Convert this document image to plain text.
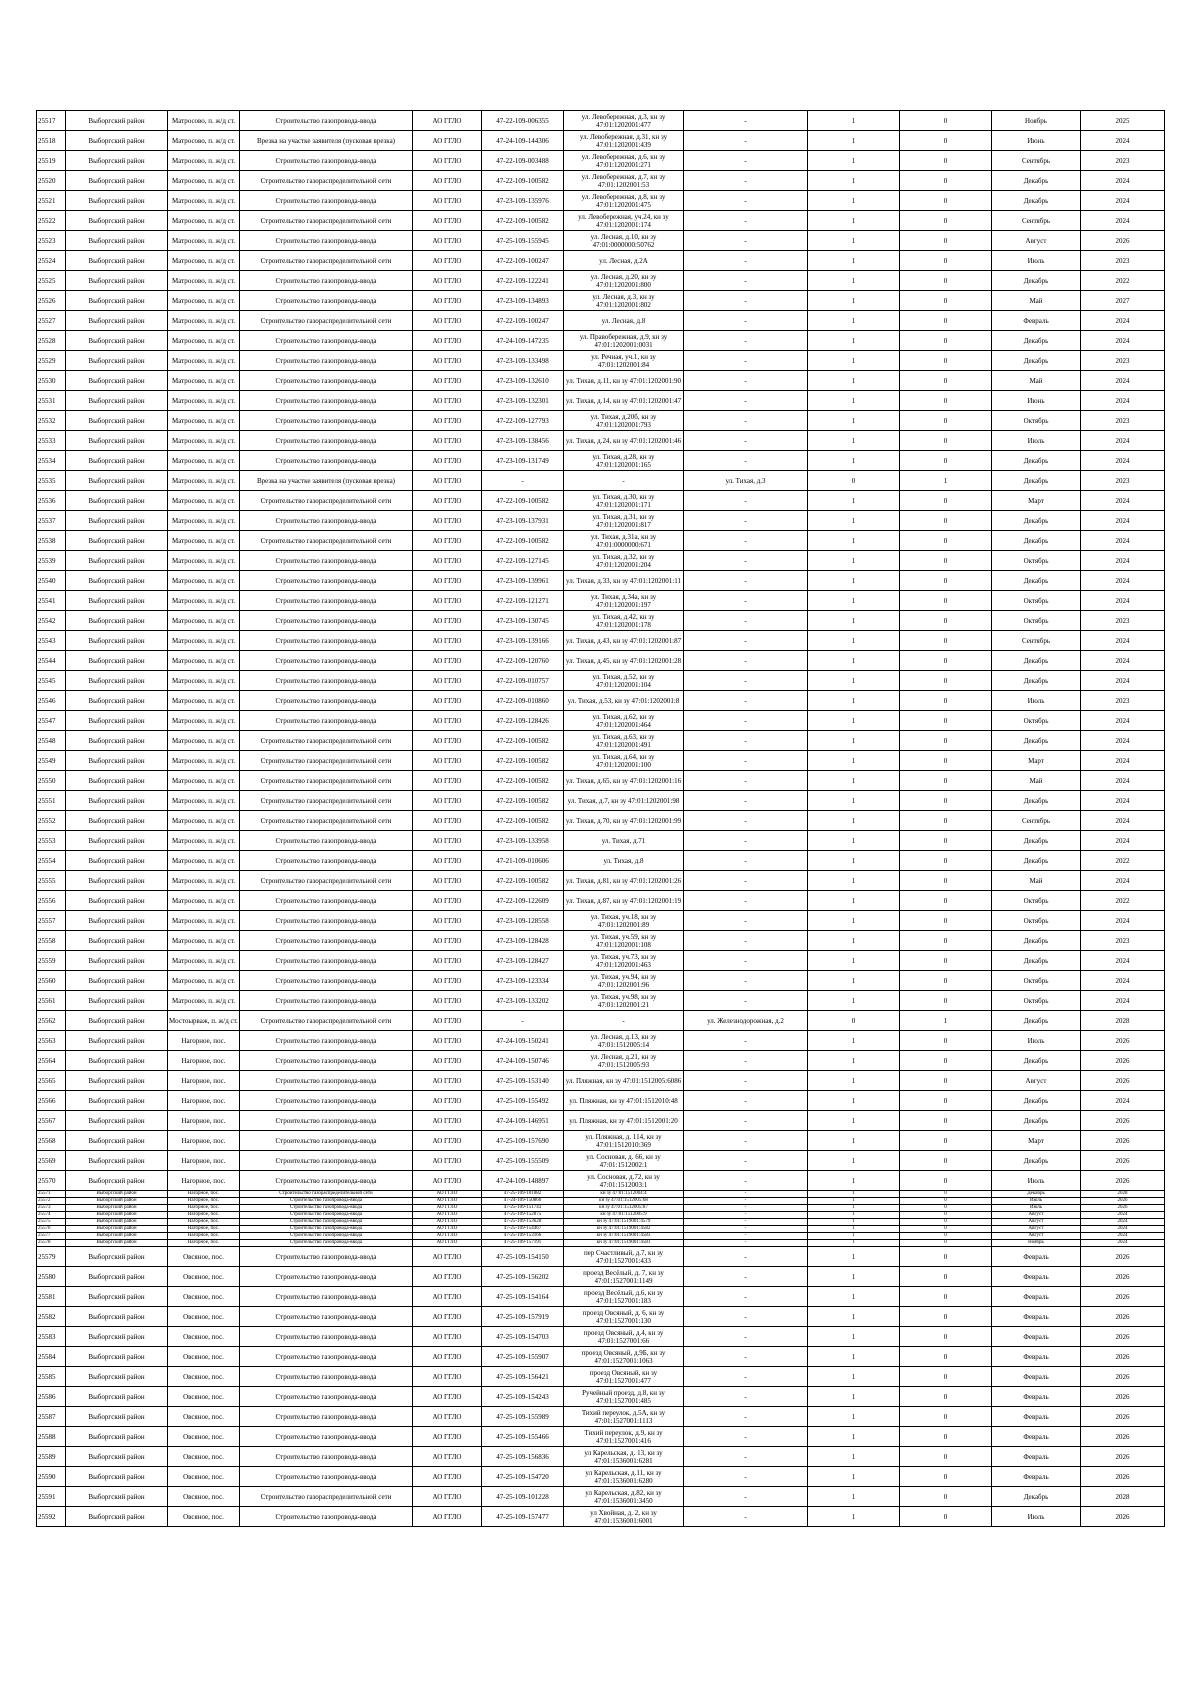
25517	Выборгский район	Матросово, п. ж/д ст.	Строительство газопровода-ввода	АО ГГЛО	47-22-109-006355	ул. Левобережная, д.3, кн зу 47:01:1202001:477	-	1	0	Ноябрь	2025
25518	Выборгский район	Матросово, п. ж/д ст.	Врезка на участке заявителя (пусковая врезка)	АО ГГЛО	47-24-109-144306	ул. Левобережная, д.31, кн зу 47:01:1202001:439	-	1	0	Июнь	2024
25519	Выборгский район	Матросово, п. ж/д ст.	Строительство газопровода-ввода	АО ГГЛО	47-22-109-003488	ул. Левобережная, д.6, кн зу 47:01:1202001:271	-	1	0	Сентябрь	2023
25520	Выборгский район	Матросово, п. ж/д ст.	Строительство газораспределительной сети	АО ГГЛО	47-22-109-100582	ул. Левобережная, д.7, кн зу 47:01:1202001:53	-	1	0	Декабрь	2024
25521	Выборгский район	Матросово, п. ж/д ст.	Строительство газопровода-ввода	АО ГГЛО	47-23-109-135976	ул. Левобережная, д.8, кн зу 47:01:1202001:475	-	1	0	Декабрь	2024
25522	Выборгский район	Матросово, п. ж/д ст.	Строительство газораспределительной сети	АО ГГЛО	47-22-109-100582	ул. Левобережная, уч.24, кн зу 47:01:1202001:174	-	1	0	Сентябрь	2024
25523	Выборгский район	Матросово, п. ж/д ст.	Строительство газопровода-ввода	АО ГГЛО	47-25-109-155945	ул. Лесная, д.10, кн зу 47:01:0000000:50762	-	1	0	Август	2026
25524	Выборгский район	Матросово, п. ж/д ст.	Строительство газораспределительной сети	АО ГГЛО	47-22-109-100247	ул. Лесная, д.2А	-	1	0	Июль	2023
25525	Выборгский район	Матросово, п. ж/д ст.	Строительство газопровода-ввода	АО ГГЛО	47-22-109-122241	ул. Лесная, д.20, кн зу 47:01:1202001:800	-	1	0	Декабрь	2022
25526	Выборгский район	Матросово, п. ж/д ст.	Строительство газопровода-ввода	АО ГГЛО	47-23-109-134893	ул. Лесная, д.3, кн зу 47:01:1202001:802	-	1	0	Май	2027
25527	Выборгский район	Матросово, п. ж/д ст.	Строительство газораспределительной сети	АО ГГЛО	47-22-109-100247	ул. Лесная, д.8	-	1	0	Февраль	2024
25528	Выборгский район	Матросово, п. ж/д ст.	Строительство газопровода-ввода	АО ГГЛО	47-24-109-147235	ул. Правобережная, д.9, кн зу 47:01:1202001:0031	-	1	0	Декабрь	2024
25529	Выборгский район	Матросово, п. ж/д ст.	Строительство газопровода-ввода	АО ГГЛО	47-23-109-133498	ул. Речная, уч.1, кн зу 47:01:1202001:84	-	1	0	Декабрь	2023
25530	Выборгский район	Матросово, п. ж/д ст.	Строительство газопровода-ввода	АО ГГЛО	47-23-109-132610	ул. Тихая, д.11, кн зу 47:01:1202001:90	-	1	0	Май	2024
25531	Выборгский район	Матросово, п. ж/д ст.	Строительство газопровода-ввода	АО ГГЛО	47-23-109-132301	ул. Тихая, д.14, кн зу 47:01:1202001:47	-	1	0	Июнь	2024
25532	Выборгский район	Матросово, п. ж/д ст.	Строительство газопровода-ввода	АО ГГЛО	47-22-109-127793	ул. Тихая, д.20б, кн зу 47:01:1202001:793	-	1	0	Октябрь	2023
25533	Выборгский район	Матросово, п. ж/д ст.	Строительство газопровода-ввода	АО ГГЛО	47-23-109-138456	ул. Тихая, д.24, кн зу 47:01:1202001:46	-	1	0	Июль	2024
25534	Выборгский район	Матросово, п. ж/д ст.	Строительство газопровода-ввода	АО ГГЛО	47-23-109-131749	ул. Тихая, д.28, кн зу 47:01:1202001:165	-	1	0	Декабрь	2024
25535	Выборгский район	Матросово, п. ж/д ст.	Врезка на участке заявителя (пусковая врезка)	АО ГГЛО	-	-	ул. Тихая, д.3	0	1	Декабрь	2023
25536	Выборгский район	Матросово, п. ж/д ст.	Строительство газораспределительной сети	АО ГГЛО	47-22-109-100582	ул. Тихая, д.30, кн зу 47:01:1202001:171	-	1	0	Март	2024
25537	Выборгский район	Матросово, п. ж/д ст.	Строительство газопровода-ввода	АО ГГЛО	47-23-109-137931	ул. Тихая, д.31, кн зу 47:01:1202001:817	-	1	0	Декабрь	2024
25538	Выборгский район	Матросово, п. ж/д ст.	Строительство газораспределительной сети	АО ГГЛО	47-22-109-100582	ул. Тихая, д.31а, кн зу 47:01:0000000:671	-	1	0	Декабрь	2024
25539	Выборгский район	Матросово, п. ж/д ст.	Строительство газопровода-ввода	АО ГГЛО	47-22-109-127145	ул. Тихая, д.32, кн зу 47:01:1202001:204	-	1	0	Октябрь	2024
25540	Выборгский район	Матросово, п. ж/д ст.	Строительство газопровода-ввода	АО ГГЛО	47-23-109-139961	ул. Тихая, д.33, кн зу 47:01:1202001:11	-	1	0	Декабрь	2024
25541	Выборгский район	Матросово, п. ж/д ст.	Строительство газопровода-ввода	АО ГГЛО	47-22-109-121271	ул. Тихая, д.34а, кн зу 47:01:1202001:197	-	1	0	Октябрь	2024
25542	Выборгский район	Матросово, п. ж/д ст.	Строительство газопровода-ввода	АО ГГЛО	47-23-109-130745	ул. Тихая, д.42, кн зу 47:01:1202001:178	-	1	0	Октябрь	2023
25543	Выборгский район	Матросово, п. ж/д ст.	Строительство газопровода-ввода	АО ГГЛО	47-23-109-139166	ул. Тихая, д.43, кн зу 47:01:1202001:87	-	1	0	Сентябрь	2024
25544	Выборгский район	Матросово, п. ж/д ст.	Строительство газопровода-ввода	АО ГГЛО	47-22-109-120760	ул. Тихая, д.45, кн зу 47:01:1202001:28	-	1	0	Декабрь	2024
25545	Выборгский район	Матросово, п. ж/д ст.	Строительство газопровода-ввода	АО ГГЛО	47-22-109-010757	ул. Тихая, д.52, кн зу 47:01:1202001:104	-	1	0	Декабрь	2024
25546	Выборгский район	Матросово, п. ж/д ст.	Строительство газопровода-ввода	АО ГГЛО	47-22-109-010860	ул. Тихая, д.53, кн зу 47:01:1202001:8	-	1	0	Июль	2023
25547	Выборгский район	Матросово, п. ж/д ст.	Строительство газопровода-ввода	АО ГГЛО	47-22-109-128426	ул. Тихая, д.62, кн зу 47:01:1202001:464	-	1	0	Октябрь	2024
25548	Выборгский район	Матросово, п. ж/д ст.	Строительство газораспределительной сети	АО ГГЛО	47-22-109-100582	ул. Тихая, д.63, кн зу 47:01:1202001:491	-	1	0	Декабрь	2024
25549	Выборгский район	Матросово, п. ж/д ст.	Строительство газораспределительной сети	АО ГГЛО	47-22-109-100582	ул. Тихая, д.64, кн зу 47:01:1202001:100	-	1	0	Март	2024
25550	Выборгский район	Матросово, п. ж/д ст.	Строительство газораспределительной сети	АО ГГЛО	47-22-109-100582	ул. Тихая, д.65, кн зу 47:01:1202001:16	-	1	0	Май	2024
25551	Выборгский район	Матросово, п. ж/д ст.	Строительство газораспределительной сети	АО ГГЛО	47-22-109-100582	ул. Тихая, д.7, кн зу 47:01:1202001:98	-	1	0	Декабрь	2024
25552	Выборгский район	Матросово, п. ж/д ст.	Строительство газораспределительной сети	АО ГГЛО	47-22-109-100582	ул. Тихая, д.70, кн зу 47:01:1202001:99	-	1	0	Сентябрь	2024
25553	Выборгский район	Матросово, п. ж/д ст.	Строительство газопровода-ввода	АО ГГЛО	47-23-109-133958	ул. Тихая, д.71	-	1	0	Декабрь	2024
25554	Выборгский район	Матросово, п. ж/д ст.	Строительство газопровода-ввода	АО ГГЛО	47-21-109-010606	ул. Тихая, д.8	-	1	0	Декабрь	2022
25555	Выборгский район	Матросово, п. ж/д ст.	Строительство газораспределительной сети	АО ГГЛО	47-22-109-100582	ул. Тихая, д.81, кн зу 47:01:1202001:26	-	1	0	Май	2024
25556	Выборгский район	Матросово, п. ж/д ст.	Строительство газопровода-ввода	АО ГГЛО	47-22-109-122609	ул. Тихая, д.87, кн зу 47:01:1202001:19	-	1	0	Октябрь	2022
25557	Выборгский район	Матросово, п. ж/д ст.	Строительство газопровода-ввода	АО ГГЛО	47-23-109-128558	ул. Тихая, уч.18, кн зу 47:01:1202001:89	-	1	0	Октябрь	2024
25558	Выборгский район	Матросово, п. ж/д ст.	Строительство газопровода-ввода	АО ГГЛО	47-23-109-128428	ул. Тихая, уч.59, кн зу 47:01:1202001:108	-	1	0	Декабрь	2023
25559	Выборгский район	Матросово, п. ж/д ст.	Строительство газопровода-ввода	АО ГГЛО	47-23-109-128427	ул. Тихая, уч.73, кн зу 47:01:1202001:463	-	1	0	Декабрь	2024
25560	Выборгский район	Матросово, п. ж/д ст.	Строительство газопровода-ввода	АО ГГЛО	47-23-109-123334	ул. Тихая, уч.94, кн зу 47:01:1202001:96	-	1	0	Октябрь	2024
25561	Выборгский район	Матросово, п. ж/д ст.	Строительство газопровода-ввода	АО ГГЛО	47-23-109-133202	ул. Тихая, уч.98, кн зу 47:01:1202001:21	-	1	0	Октябрь	2024
25562	Выборгский район	Мостоырваж, п. ж/д ст.	Строительство газораспределительной сети	АО ГГЛО	-	-	ул. Железнодорожная, д.2	0	1	Декабрь	2028
25563	Выборгский район	Нагорное, пос.	Строительство газопровода-ввода	АО ГГЛО	47-24-109-150241	ул. Лесная, д.13, кн зу 47:01:1512005:14	-	1	0	Июль	2026
25564	Выборгский район	Нагорное, пос.	Строительство газопровода-ввода	АО ГГЛО	47-24-109-150746	ул. Лесная, д.21, кн зу 47:01:1512005:93	-	1	0	Декабрь	2026
25565	Выборгский район	Нагорное, пос.	Строительство газопровода-ввода	АО ГГЛО	47-25-109-153140	ул. Пляжная, кн зу 47:01:1512005:6086	-	1	0	Август	2026
25566	Выборгский район	Нагорное, пос.	Строительство газопровода-ввода	АО ГГЛО	47-25-109-155492	ул. Пляжная, кн зу 47:01:1512010:48	-	1	0	Декабрь	2024
25567	Выборгский район	Нагорное, пос.	Строительство газопровода-ввода	АО ГГЛО	47-24-109-146951	ул. Пляжная, кн зу 47:01:1512001:20	-	1	0	Декабрь	2026
25568	Выборгский район	Нагорное, пос.	Строительство газопровода-ввода	АО ГГЛО	47-25-109-157690	ул. Пляжная, д. 114, кн зу 47:01:1512010:369	-	1	0	Март	2026
25569	Выборгский район	Нагорное, пос.	Строительство газопровода-ввода	АО ГГЛО	47-25-109-155509	ул. Сосновая, д. 66, кн зу 47:01:1512002:1	-	1	0	Декабрь	2026
25570	Выборгский район	Нагорное, пос.	Строительство газопровода-ввода	АО ГГЛО	47-24-109-148897	ул. Сосновая, д.72, кн зу 47:01:1512003:1	-	1	0	Июль	2026
25571	Выборгский район	Нагорное, пос.	Строительство газораспределительной сети	АО ГГЛО	47-25-109-101082	кн зу 47:01:1512004:4	-	1	0	Декабрь	2028
25572	Выборгский район	Нагорное, пос.	Строительство газопровода-ввода	АО ГГЛО	47-24-109-150866	кн зу 47:01:1512005:68	-	1	0	Июль	2026
25573	Выборгский район	Нагорное, пос.	Строительство газопровода-ввода	АО ГГЛО	47-25-109-151743	кн зу 47:01:1512005:87	-	1	0	Июль	2026
25574	Выборгский район	Нагорное, пос.	Строительство газопровода-ввода	АО ГГЛО	47-25-109-152875	кн зу 47:01:1512005:9	-	1	0	Август	2024
25575	Выборгский район	Нагорное, пос.	Строительство газопровода-ввода	АО ГГЛО	47-25-109-153628	кн зу 47:01:1519001:4579	-	1	0	Август	2024
25576	Выборгский район	Нагорное, пос.	Строительство газопровода-ввода	АО ГГЛО	47-25-109-154467	кн зу 47:01:1519001:4582	-	1	0	Август	2024
25577	Выборгский район	Нагорное, пос.	Строительство газопровода-ввода	АО ГГЛО	47-25-109-153166	кн зу 47:01:1519001:4583	-	1	0	Август	2024
25578	Выборгский район	Нагорное, пос.	Строительство газопровода-ввода	АО ГГЛО	47-25-109-157191	кн зу 47:01:1519001:4581	-	1	0	Ноябрь	2024
25579	Выборгский район	Овсяное, пос.	Строительство газопровода-ввода	АО ГГЛО	47-25-109-154150	пер Счастливый, д.7, кн зу 47:01:1527001:433	-	1	0	Февраль	2026
25580	Выборгский район	Овсяное, пос.	Строительство газопровода-ввода	АО ГГЛО	47-25-109-156202	проезд Весёлый, д. 7, кн зу 47:01:1527001:1149	-	1	0	Февраль	2026
25581	Выборгский район	Овсяное, пос.	Строительство газопровода-ввода	АО ГГЛО	47-25-109-154164	проезд Весёлый, д.6, кн зу 47:01:1527001:183	-	1	0	Февраль	2026
25582	Выборгский район	Овсяное, пос.	Строительство газопровода-ввода	АО ГГЛО	47-25-109-157919	проезд Овсяный, д. 6, кн зу 47:01:1527001:130	-	1	0	Февраль	2026
25583	Выборгский район	Овсяное, пос.	Строительство газопровода-ввода	АО ГГЛО	47-25-109-154703	проезд Овсяный, д.4, кн зу 47:01:1527001:66	-	1	0	Февраль	2026
25584	Выборгский район	Овсяное, пос.	Строительство газопровода-ввода	АО ГГЛО	47-25-109-155907	проезд Овсяный, д.9Б, кн зу 47:01:1527001:1063	-	1	0	Февраль	2026
25585	Выборгский район	Овсяное, пос.	Строительство газопровода-ввода	АО ГГЛО	47-25-109-156421	проезд Овсяный, кн зу 47:01:1527001:477	-	1	0	Февраль	2026
25586	Выборгский район	Овсяное, пос.	Строительство газопровода-ввода	АО ГГЛО	47-25-109-154243	Ручейный проезд, д.8, кн зу 47:01:1527001:485	-	1	0	Февраль	2026
25587	Выборгский район	Овсяное, пос.	Строительство газопровода-ввода	АО ГГЛО	47-25-109-155989	Тихий переулок, д.5А, кн зу 47:01:1527001:1113	-	1	0	Февраль	2026
25588	Выборгский район	Овсяное, пос.	Строительство газопровода-ввода	АО ГГЛО	47-25-109-155466	Тихий переулок, д.9, кн зу 47:01:1527001:416	-	1	0	Февраль	2026
25589	Выборгский район	Овсяное, пос.	Строительство газопровода-ввода	АО ГГЛО	47-25-109-156836	ул Карельская, д. 13, кн зу 47:01:1536001:6281	-	1	0	Февраль	2026
25590	Выборгский район	Овсяное, пос.	Строительство газопровода-ввода	АО ГГЛО	47-25-109-154720	ул Карельская, д.11, кн зу 47:01:1536001:6280	-	1	0	Февраль	2026
25591	Выборгский район	Овсяное, пос.	Строительство газораспределительной сети	АО ГГЛО	47-25-109-101228	ул Карельская, д.82, кн зу 47:01:1536001:3450	-	1	0	Декабрь	2028
25592	Выборгский район	Овсяное, пос.	Строительство газопровода-ввода	АО ГГЛО	47-25-109-157477	ул Хвойная, д. 2, кн зу 47:01:1536001:6001	-	1	0	Июль	2026
